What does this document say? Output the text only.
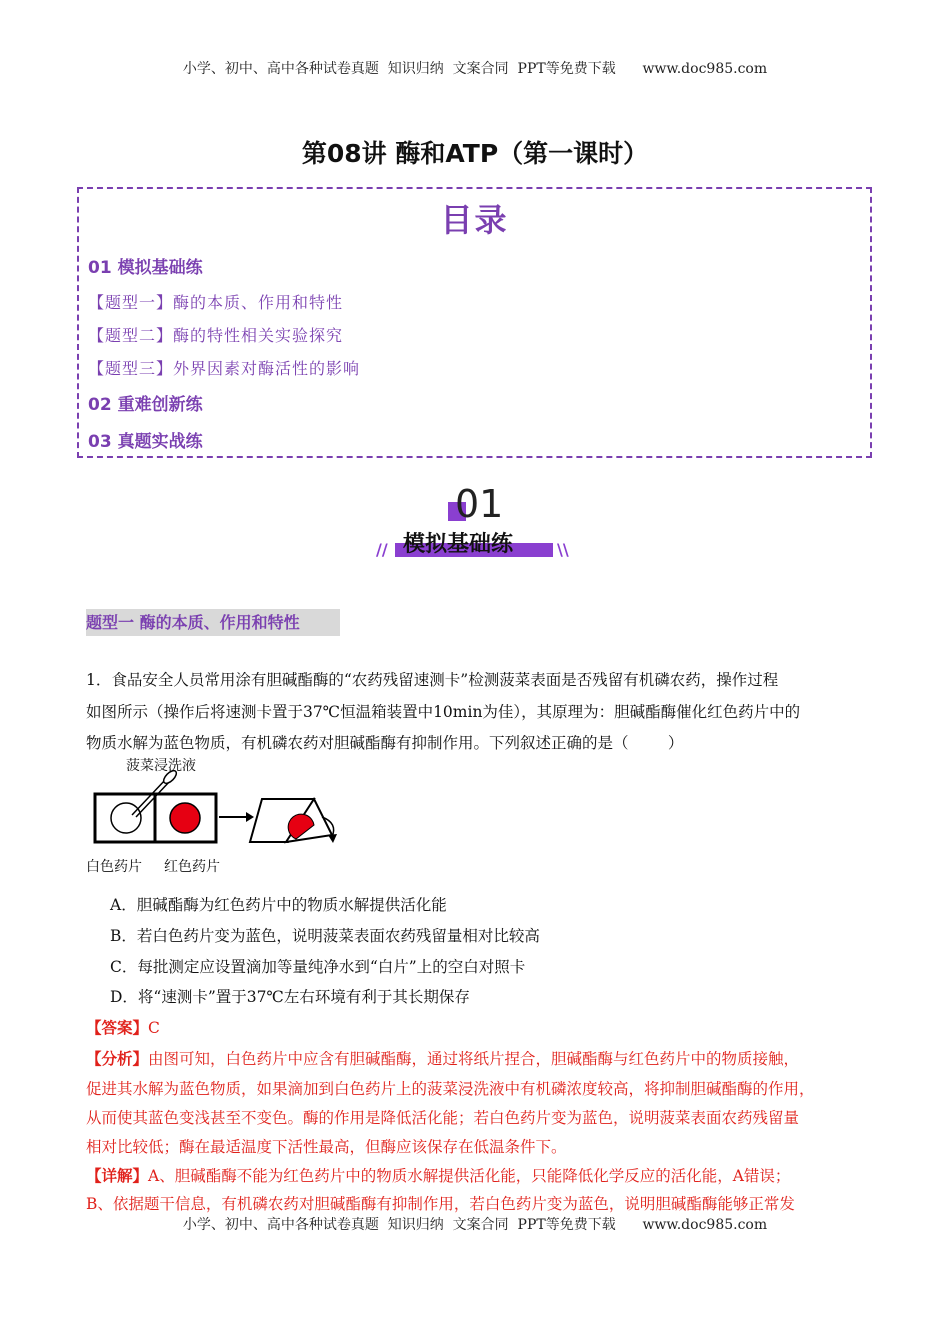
小学、初中、高中各种试卷真题  知识归纳  文案合同  PPT等免费下载      www.doc985.com
第08讲 酶和ATP（第一课时）
目录
01 模拟基础练
【题型一】酶的本质、作用和特性
【题型二】酶的特性相关实验探究
【题型三】外界因素对酶活性的影响
02 重难创新练
03 真题实战练
01
//	\\
模拟基础练
题型一 酶的本质、作用和特性
1．食品安全人员常用涂有胆碱酯酶的“农药残留速测卡”检测菠菜表面是否残留有机磷农药，操作过程
如图所示（操作后将速测卡置于37℃恒温箱装置中10min为佳），其原理为：胆碱酯酶催化红色药片中的
物质水解为蓝色物质，有机磷农药对胆碱酯酶有抑制作用。下列叙述正确的是（        ）
菠菜浸洗液
白色药片 红色药片
A．胆碱酯酶为红色药片中的物质水解提供活化能
B．若白色药片变为蓝色，说明菠菜表面农药残留量相对比较高
C．每批测定应设置滴加等量纯净水到“白片”上的空白对照卡
D．将“速测卡”置于37℃左右环境有利于其长期保存
【答案】C
【分析】由图可知，白色药片中应含有胆碱酯酶，通过将纸片捏合，胆碱酯酶与红色药片中的物质接触，
促进其水解为蓝色物质，如果滴加到白色药片上的菠菜浸洗液中有机磷浓度较高，将抑制胆碱酯酶的作用，
从而使其蓝色变浅甚至不变色。酶的作用是降低活化能；若白色药片变为蓝色，说明菠菜表面农药残留量
相对比较低；酶在最适温度下活性最高，但酶应该保存在低温条件下。
【详解】A、胆碱酯酶不能为红色药片中的物质水解提供活化能，只能降低化学反应的活化能，A错误；
B、依据题干信息，有机磷农药对胆碱酯酶有抑制作用，若白色药片变为蓝色，说明胆碱酯酶能够正常发
小学、初中、高中各种试卷真题  知识归纳  文案合同  PPT等免费下载      www.doc985.com
